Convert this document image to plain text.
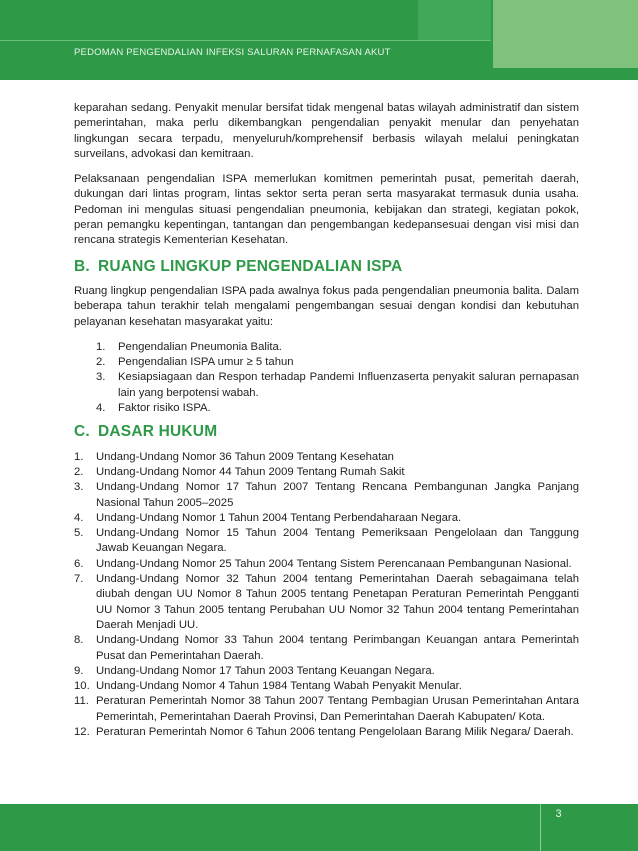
PEDOMAN PENGENDALIAN INFEKSI SALURAN PERNAFASAN AKUT

keparahan sedang. Penyakit menular bersifat tidak mengenal batas wilayah administratif dan sistem pemerintahan, maka perlu dikembangkan pengendalian penyakit menular dan penyehatan lingkungan secara terpadu, menyeluruh/komprehensif berbasis wilayah melalui peningkatan surveilans, advokasi dan kemitraan.

Pelaksanaan pengendalian ISPA memerlukan komitmen pemerintah pusat, pemeritah daerah, dukungan dari lintas program, lintas sektor serta peran serta masyarakat termasuk dunia usaha. Pedoman ini mengulas situasi pengendalian pneumonia, kebijakan dan strategi, kegiatan pokok, peran pemangku kepentingan, tantangan dan pengembangan kedepansesuai dengan visi misi dan rencana strategis Kementerian Kesehatan.

B. RUANG LINGKUP PENGENDALIAN ISPA

Ruang lingkup pengendalian ISPA pada awalnya fokus pada pengendalian pneumonia balita. Dalam beberapa tahun terakhir telah mengalami pengembangan sesuai dengan kondisi dan kebutuhan pelayanan kesehatan masyarakat yaitu:

1.	Pengendalian Pneumonia Balita.
2.	Pengendalian ISPA umur ≥ 5 tahun
3.	Kesiapsiagaan dan Respon terhadap Pandemi Influenzaserta penyakit saluran pernapasan lain yang berpotensi wabah.
4.	Faktor risiko ISPA.
C. DASAR HUKUM
1.	Undang-Undang Nomor 36 Tahun 2009 Tentang Kesehatan
2.	Undang-Undang Nomor 44 Tahun 2009 Tentang Rumah Sakit
3.	Undang-Undang Nomor 17 Tahun 2007 Tentang Rencana Pembangunan Jangka Panjang Nasional Tahun 2005–2025
4.	Undang-Undang Nomor 1 Tahun 2004 Tentang Perbendaharaan Negara.
5.	Undang-Undang Nomor 15 Tahun 2004 Tentang Pemeriksaan Pengelolaan dan Tanggung Jawab Keuangan Negara.
6.	Undang-Undang Nomor 25 Tahun 2004 Tentang Sistem Perencanaan Pembangunan Nasional.
7.	Undang-Undang Nomor 32 Tahun 2004 tentang Pemerintahan Daerah sebagaimana telah diubah dengan UU Nomor 8 Tahun 2005 tentang Penetapan Peraturan Pemerintah Pengganti UU Nomor 3 Tahun 2005 tentang Perubahan UU Nomor 32 Tahun 2004 tentang Pemerintahan Daerah Menjadi UU.
8.	Undang-Undang Nomor 33 Tahun 2004 tentang Perimbangan Keuangan antara Pemerintah Pusat dan Pemerintahan Daerah.
9.	Undang-Undang Nomor 17 Tahun 2003 Tentang Keuangan Negara.
10. Undang-Undang Nomor 4 Tahun 1984 Tentang Wabah Penyakit Menular.
11. Peraturan Pemerintah Nomor 38 Tahun 2007 Tentang Pembagian Urusan Pemerintahan Antara Pemerintah, Pemerintahan Daerah Provinsi, Dan Pemerintahan Daerah Kabupaten/ Kota.
12. Peraturan Pemerintah Nomor 6 Tahun 2006 tentang Pengelolaan Barang Milik Negara/ Daerah.
3
